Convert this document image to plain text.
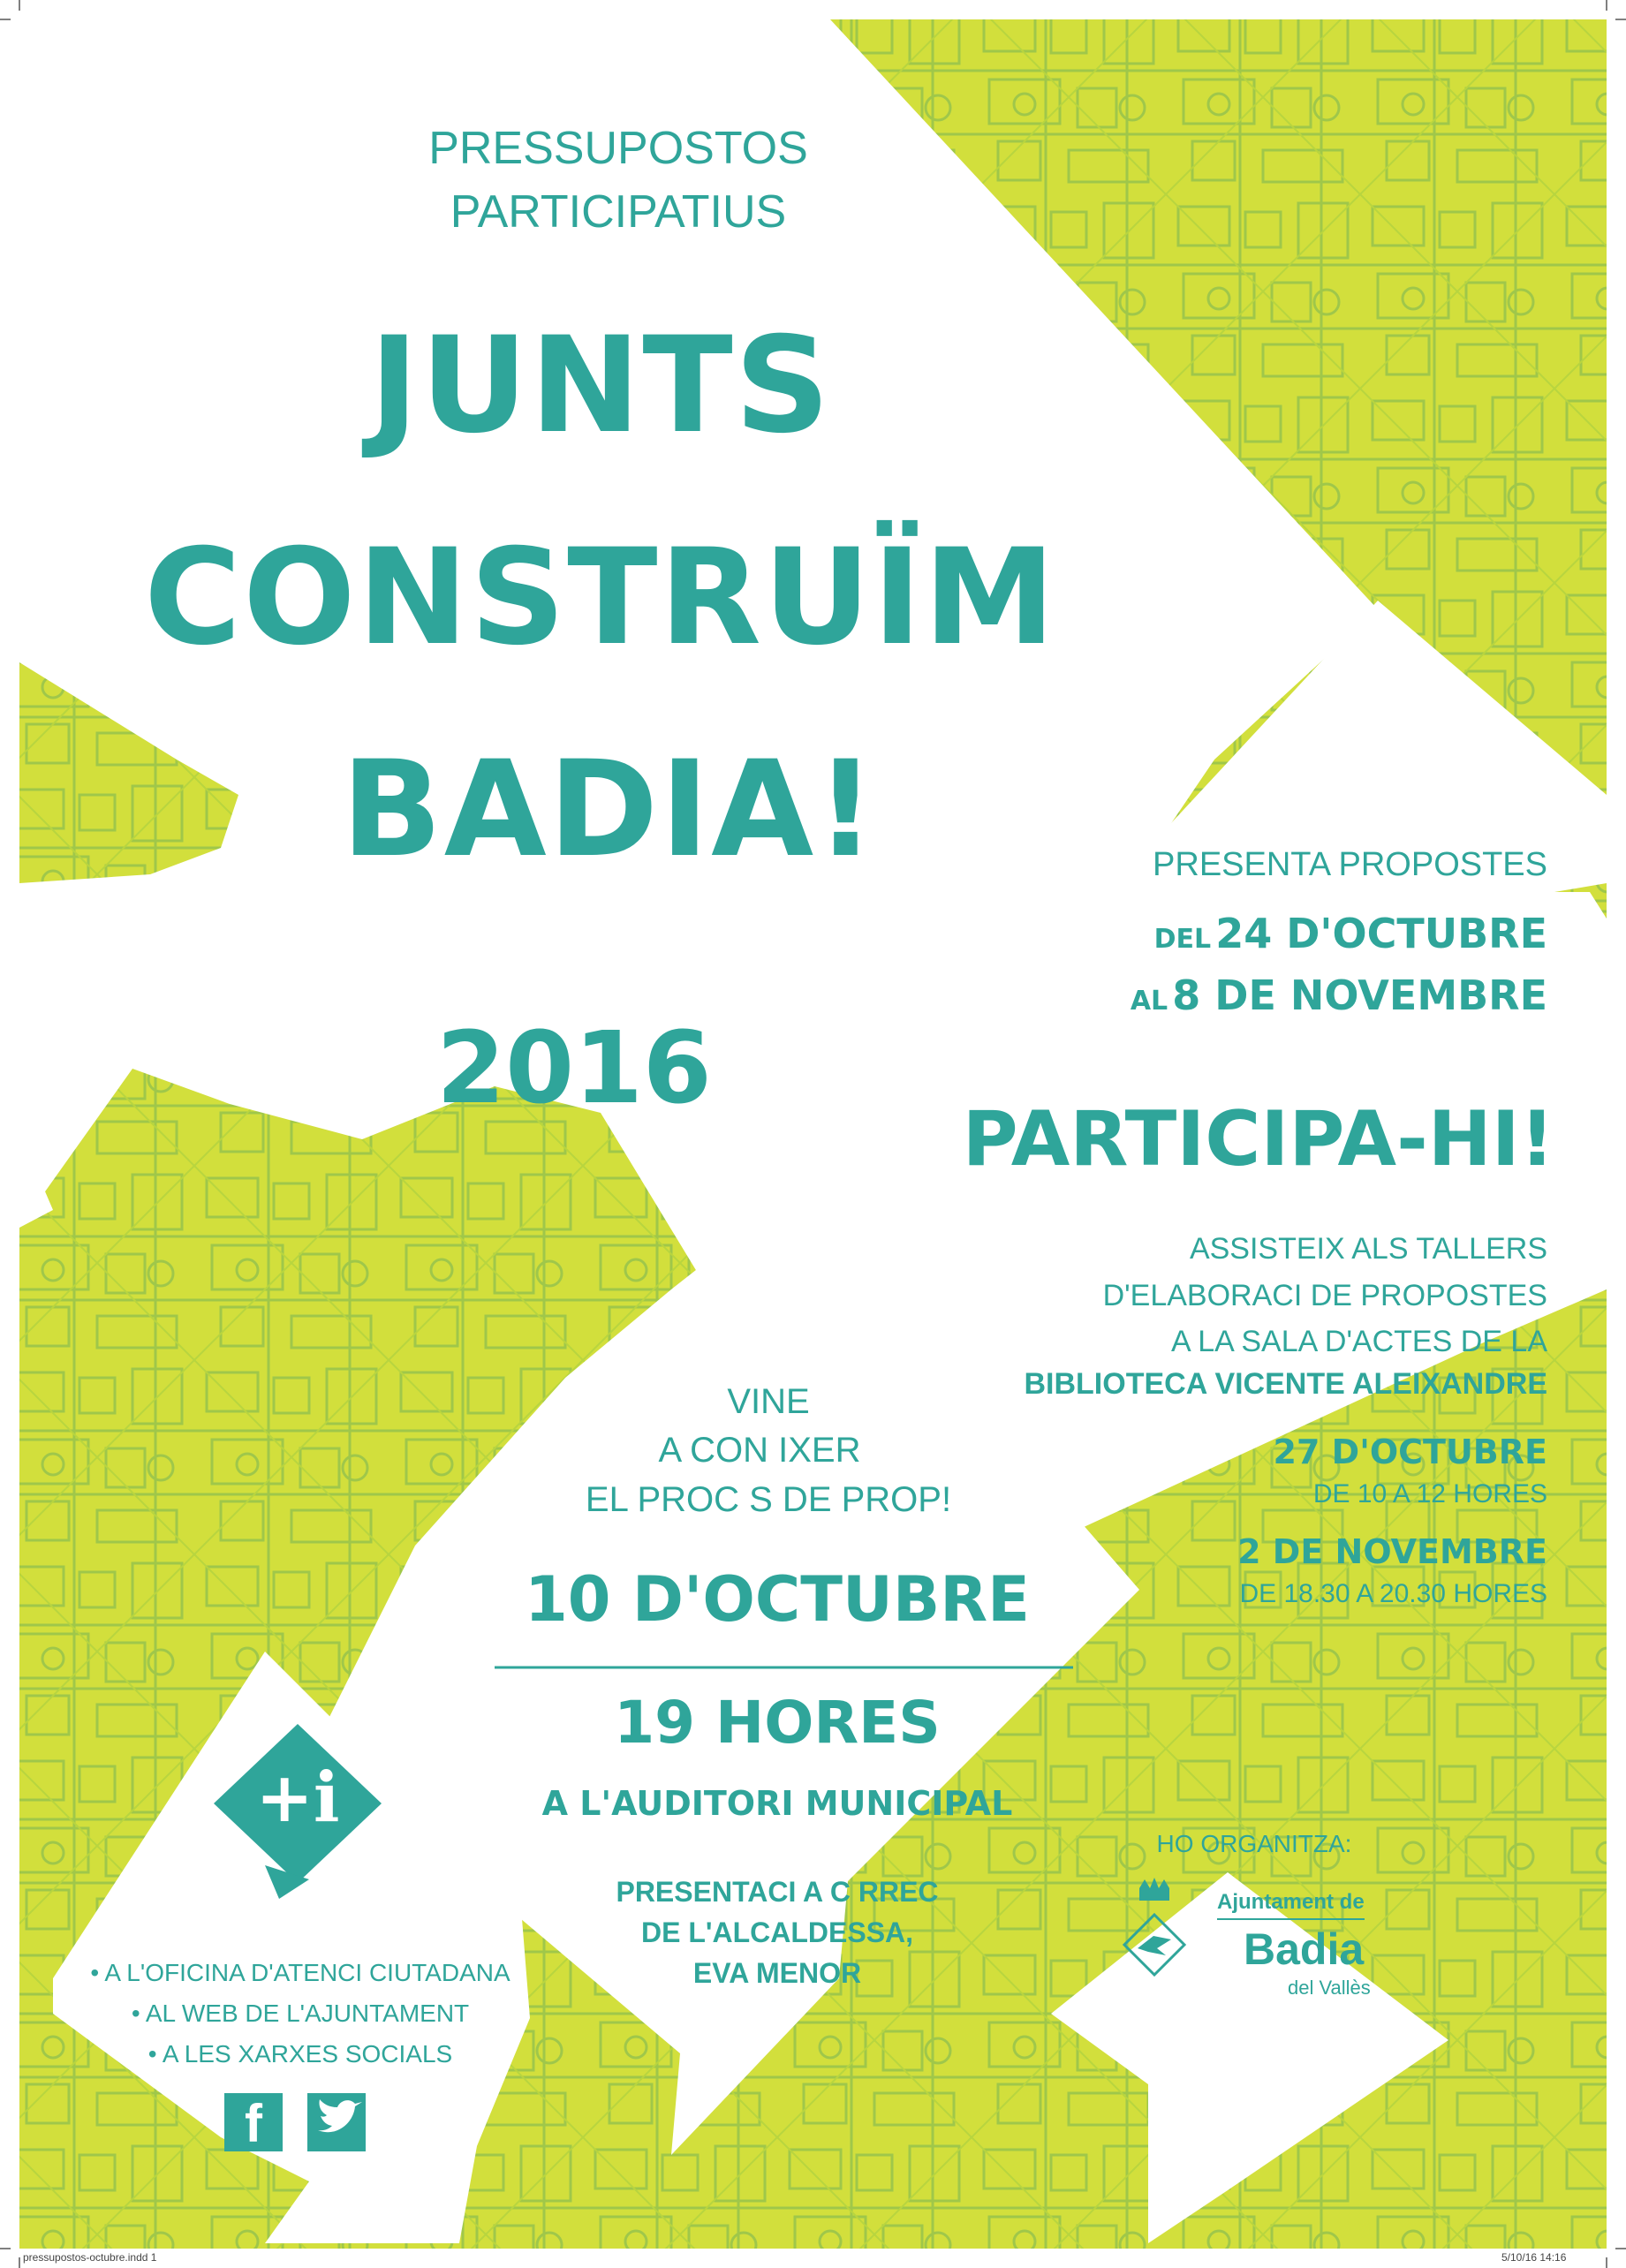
f
PRESSUPOSTOS
PARTICIPATIUS
JUNTS
CONSTRUÏM
BADIA!
2016
PRESENTA PROPOSTES
DEL 24 D'OCTUBRE
AL 8 DE NOVEMBRE
PARTICIPA-HI!
ASSISTEIX ALS TALLERS
D'ELABORACI DE PROPOSTES
A LA SALA D'ACTES DE LA
BIBLIOTECA VICENTE ALEIXANDRE
27 D'OCTUBRE
DE 10 A 12 HORES
2 DE NOVEMBRE
DE 18.30 A 20.30 HORES
VINE
A CON IXER
EL PROC S DE PROP!
10 D'OCTUBRE
19 HORES
A L'AUDITORI MUNICIPAL
PRESENTACI A C RREC
DE L'ALCALDESSA,
EVA MENOR
+i
• A L'OFICINA D'ATENCI CIUTADANA
• AL WEB DE L'AJUNTAMENT
• A LES XARXES SOCIALS
HO ORGANITZA:
Ajuntament de
Badia
del Vallès
pressupostos-octubre.indd 1	5/10/16 14:16
